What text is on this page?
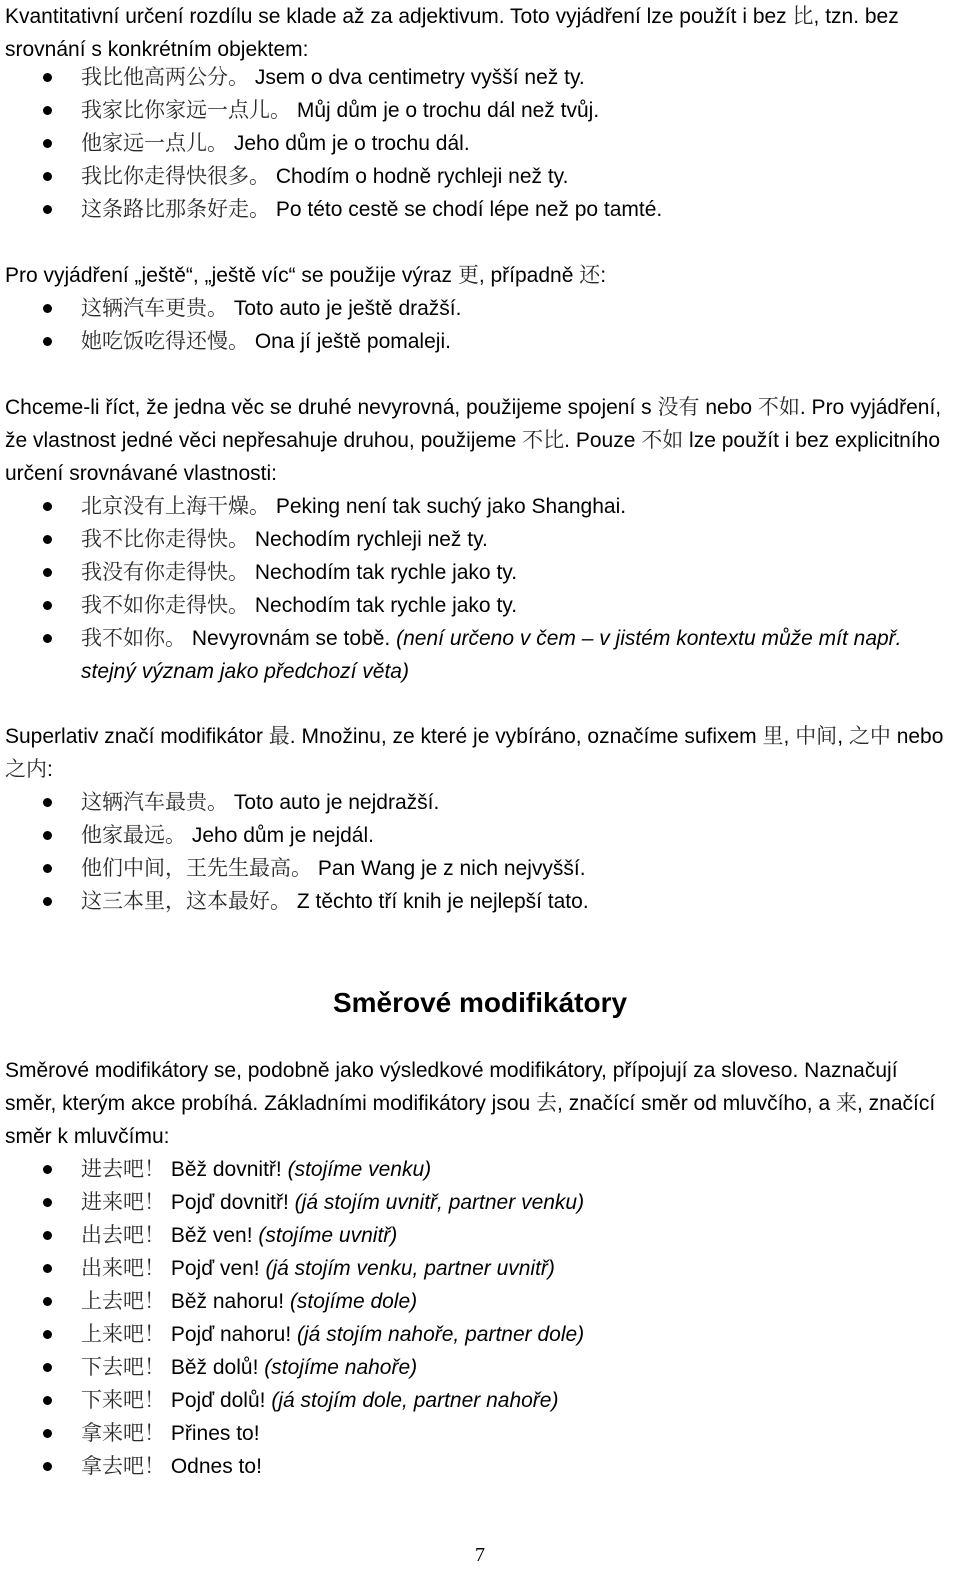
Kvantitativní určení rozdílu se klade až za adjektivum. Toto vyjádření lze použít i bez 比, tzn. bez srovnání s konkrétním objektem:

我比他高两公分。 Jsem o dva centimetry vyšší než ty.
我家比你家远一点儿。 Můj dům je o trochu dál než tvůj.
他家远一点儿。 Jeho dům je o trochu dál.
我比你走得快很多。 Chodím o hodně rychleji než ty.
这条路比那条好走。 Po této cestě se chodí lépe než po tamté.

Pro vyjádření „ještě“, „ještě víc“ se použije výraz 更, případně 还:

这辆汽车更贵。 Toto auto je ještě dražší.
她吃饭吃得还慢。 Ona jí ještě pomaleji.

Chceme-li říct, že jedna věc se druhé nevyrovná, použijeme spojení s 没有 nebo 不如. Pro vyjádření, že vlastnost jedné věci nepřesahuje druhou, použijeme 不比. Pouze 不如 lze použít i bez explicitního určení srovnávané vlastnosti:

北京没有上海干燥。 Peking není tak suchý jako Shanghai.
我不比你走得快。 Nechodím rychleji než ty.
我没有你走得快。 Nechodím tak rychle jako ty.
我不如你走得快。 Nechodím tak rychle jako ty.
我不如你。 Nevyrovnám se tobě. (není určeno v čem – v jistém kontextu může mít např. stejný význam jako předchozí věta)

Superlativ značí modifikátor 最. Množinu, ze které je vybíráno, označíme sufixem 里, 中间, 之中 nebo 之内:

这辆汽车最贵。 Toto auto je nejdražší.
他家最远。 Jeho dům je nejdál.
他们中间，王先生最高。 Pan Wang je z nich nejvyšší.
这三本里，这本最好。 Z těchto tří knih je nejlepší tato.
Směrové modifikátory

Směrové modifikátory se, podobně jako výsledkové modifikátory, přípojují za sloveso. Naznačují směr, kterým akce probíhá. Základními modifikátory jsou 去, značící směr od mluvčího, a 来, značící směr k mluvčímu:

进去吧！ Běž dovnitř! (stojíme venku)
进来吧！ Pojď dovnitř! (já stojím uvnitř, partner venku)
出去吧！ Běž ven! (stojíme uvnitř)
出来吧！ Pojď ven! (já stojím venku, partner uvnitř)
上去吧！ Běž nahoru! (stojíme dole)
上来吧！ Pojď nahoru! (já stojím nahoře, partner dole)
下去吧！ Běž dolů! (stojíme nahoře)
下来吧！ Pojď dolů! (já stojím dole, partner nahoře)
拿来吧！ Přines to!
拿去吧！ Odnes to!
7
